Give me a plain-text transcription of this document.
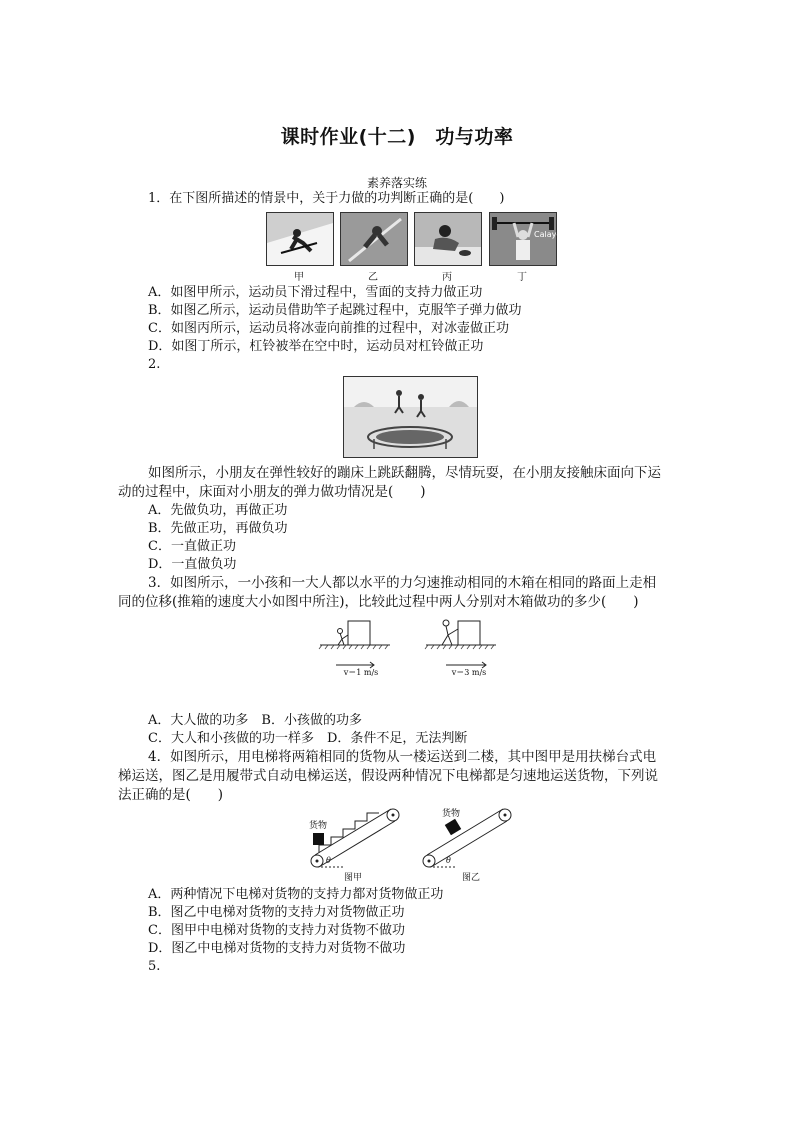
课时作业(十二)　功与功率
素养落实练
1．在下图所描述的情景中，关于力做的功判断正确的是(　　)
Calaye
甲	乙	丙	丁
A．如图甲所示，运动员下滑过程中，雪面的支持力做正功
B．如图乙所示，运动员借助竿子起跳过程中，克服竿子弹力做功
C．如图丙所示，运动员将冰壶向前推的过程中，对冰壶做正功
D．如图丁所示，杠铃被举在空中时，运动员对杠铃做正功
2.
如图所示，小朋友在弹性较好的蹦床上跳跃翻腾，尽情玩耍，在小朋友接触床面向下运
动的过程中，床面对小朋友的弹力做功情况是(　　)
A．先做负功，再做正功
B．先做正功，再做负功
C．一直做正功
D．一直做负功
3．如图所示，一小孩和一大人都以水平的力匀速推动相同的木箱在相同的路面上走相
同的位移(推箱的速度大小如图中所注)，比较此过程中两人分别对木箱做功的多少(　　)
v＝1 m/s	v＝3 m/s
A．大人做的功多　B．小孩做的功多
C．大人和小孩做的功一样多　D．条件不足，无法判断
4．如图所示，用电梯将两箱相同的货物从一楼运送到二楼，其中图甲是用扶梯台式电
梯运送，图乙是用履带式自动电梯运送，假设两种情况下电梯都是匀速地运送货物，下列说
法正确的是(　　)
货物
货物
θ	θ
图甲	图乙
A．两种情况下电梯对货物的支持力都对货物做正功
B．图乙中电梯对货物的支持力对货物做正功
C．图甲中电梯对货物的支持力对货物不做功
D．图乙中电梯对货物的支持力对货物不做功
5.
